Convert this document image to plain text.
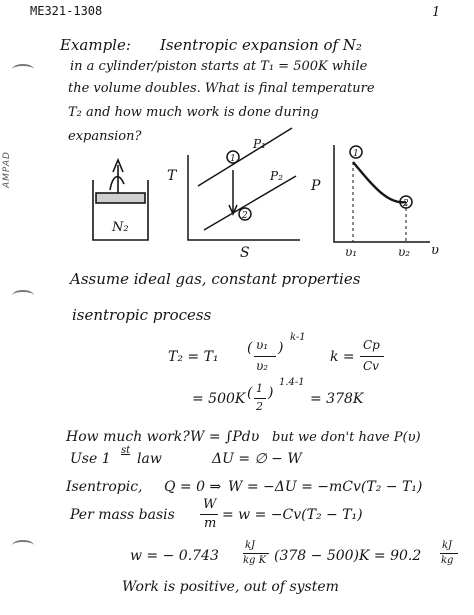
ME321-1308	1
AMPAD
Example: Isentropic expansion of N₂
in a cylinder/piston starts at T₁ = 500K while
the volume doubles. What is final temperature
T₂ and how much work is done during
expansion?
N₂
T
S
P₁
P₂
1
2
P
υ
υ₁	υ₂
1
2
Assume ideal gas, constant properties
isentropic process
T₂ = T₁
( υ₁
υ₂
)
k-1
k =
Cp
Cv
= 500K ( 1
2
)
1.4-1
= 378K
How much work? W = ∫Pdυ but we don't have P(υ)
Use 1
st
law	ΔU = ∅ − W
Isentropic, Q = 0 ⇒ W = −ΔU = −mCv(T₂ − T₁)
Per mass basis
W
m
= w = −Cv(T₂ − T₁)
w = − 0.743
kJ
kg K (378 − 500)K = 90.2
kJ
kg
Work is positive, out of system
